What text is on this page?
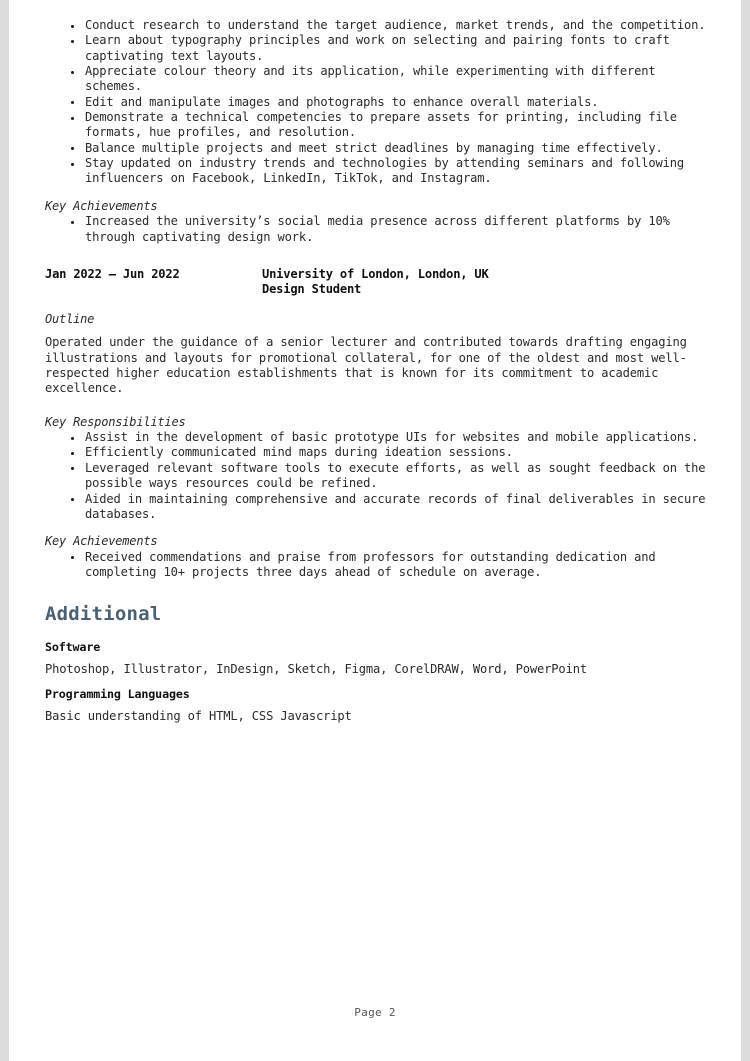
Conduct research to understand the target audience, market trends, and the competition.
Learn about typography principles and work on selecting and pairing fonts to craft captivating text layouts.
Appreciate colour theory and its application, while experimenting with different schemes.
Edit and manipulate images and photographs to enhance overall materials.
Demonstrate a technical competencies to prepare assets for printing, including file formats, hue profiles, and resolution.
Balance multiple projects and meet strict deadlines by managing time effectively.
Stay updated on industry trends and technologies by attending seminars and following influencers on Facebook, LinkedIn, TikTok, and Instagram.

Key Achievements

Increased the university’s social media presence across different platforms by 10% through captivating design work.
Jan 2022 – Jun 2022	University of London, London, UK
Design Student

Outline

Operated under the guidance of a senior lecturer and contributed towards drafting engaging illustrations and layouts for promotional collateral, for one of the oldest and most well-respected higher education establishments that is known for its commitment to academic excellence.

Key Responsibilities

Assist in the development of basic prototype UIs for websites and mobile applications.
Efficiently communicated mind maps during ideation sessions.
Leveraged relevant software tools to execute efforts, as well as sought feedback on the possible ways resources could be refined.
Aided in maintaining comprehensive and accurate records of final deliverables in secure databases.

Key Achievements

Received commendations and praise from professors for outstanding dedication and completing 10+ projects three days ahead of schedule on average.
Additional

Software

Photoshop, Illustrator, InDesign, Sketch, Figma, CorelDRAW, Word, PowerPoint

Programming Languages

Basic understanding of HTML, CSS Javascript

Page 2
